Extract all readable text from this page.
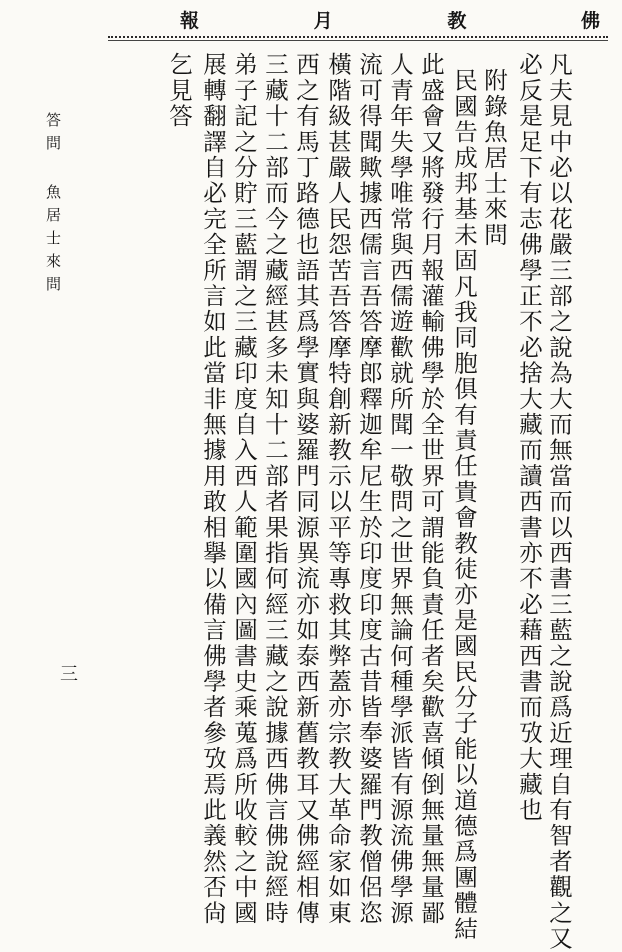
報	月	教	佛
凡夫見中必以花嚴三部之說為大而無當而以西書三藍之說爲近理自有智者觀之又
必反是足下有志佛學正不必捨大藏而讀西書亦不必藉西書而攷大藏也
附錄魚居士來問
民國告成邦基未固凡我同胞俱有責任貴會教徒亦是國民分子能以道德爲團體結
此盛會又將發行月報灌輸佛學於全世界可謂能負責任者矣歡喜傾倒無量無量鄙
人青年失學唯常與西儒遊歡就所聞一敬問之世界無論何種學派皆有源流佛學源
流可得聞歟據西儒言吾答摩郎釋迦牟尼生於印度印度古昔皆奉婆羅門教僧侶恣
橫階級甚嚴人民怨苦吾答摩特創新教示以平等專救其弊蓋亦宗教大革命家如東
西之有馬丁路德也語其爲學實與婆羅門同源異流亦如泰西新舊教耳又佛經相傳
三藏十二部而今之藏經甚多未知十二部者果指何經三藏之說據西佛言佛說經時
弟子記之分貯三藍謂之三藏印度自入西人範圍國內圖書史乘蒐爲所收較之中國
展轉翻譯自必完全所言如此當非無據用敢相擧以備言佛學者參攷焉此義然否尙
乞見答
答問 魚居士來問
三
